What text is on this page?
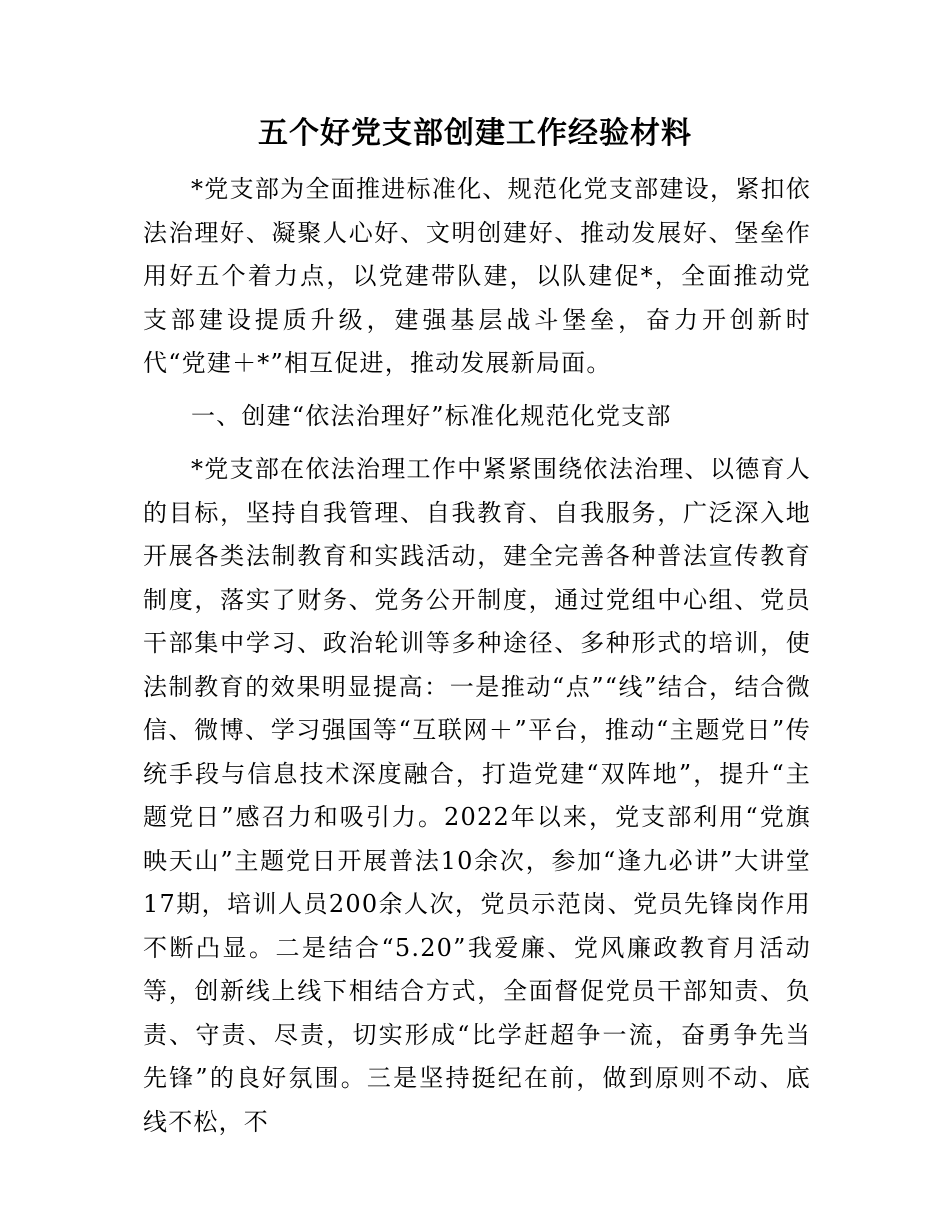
五个好党支部创建工作经验材料

*党支部为全面推进标准化、规范化党支部建设，紧扣依法治理好、凝聚人心好、文明创建好、推动发展好、堡垒作用好五个着力点，以党建带队建，以队建促*，全面推动党支部建设提质升级，建强基层战斗堡垒，奋力开创新时代“党建＋*”相互促进，推动发展新局面。

一、创建“依法治理好”标准化规范化党支部

*党支部在依法治理工作中紧紧围绕依法治理、以德育人的目标，坚持自我管理、自我教育、自我服务，广泛深入地开展各类法制教育和实践活动，建全完善各种普法宣传教育制度，落实了财务、党务公开制度，通过党组中心组、党员干部集中学习、政治轮训等多种途径、多种形式的培训，使法制教育的效果明显提高：一是推动“点”“线”结合，结合微信、微博、学习强国等“互联网＋”平台，推动“主题党日”传统手段与信息技术深度融合，打造党建“双阵地”，提升“主题党日”感召力和吸引力。2022年以来，党支部利用“党旗映天山”主题党日开展普法10余次，参加“逢九必讲”大讲堂17期，培训人员200余人次，党员示范岗、党员先锋岗作用不断凸显。二是结合“5.20”我爱廉、党风廉政教育月活动等，创新线上线下相结合方式，全面督促党员干部知责、负责、守责、尽责，切实形成“比学赶超争一流，奋勇争先当先锋”的良好氛围。三是坚持挺纪在前，做到原则不动、底线不松，不
